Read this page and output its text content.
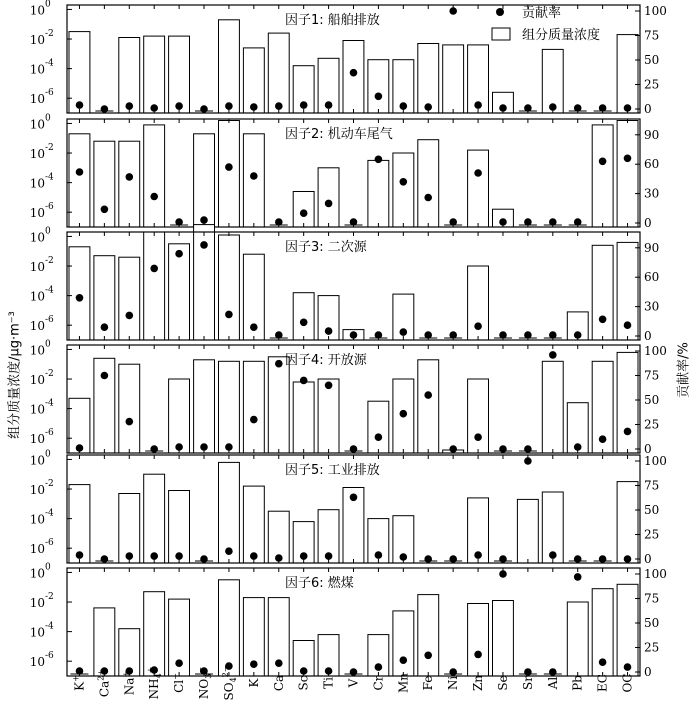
10 0
10 -2
10 -4
10 -6
0
25
50
75
100
因子1: 船舶排放	贡献率
组分质量浓度
10 0
10 -2
10 -4
10 -6
0
30
60
90
因子2: 机动车尾气
10 0
10 -2
10 -4
10 -6
0
30
60
90
因子3: 二次源
10 0
10 -2
10 -4
10 -6
0
25
50
75
100
因子4: 开放源
10 0
10 -2
10 -4
10 -6
0
25
50
75
100
因子5: 工业排放
10 0
10 -2
10 -4
10 -6
0
25
50
75
100
因子6: 燃煤
K+
$Ca^{2+}$
Na+
$NH_4^+$
Cl−
$NO_3^-$
$SO_4^{2-}$
K Ca Sc Ti V Cr Mn Fe Ni Zn Se Sr Al Pb EC OC
组分质量浓度/μg·m⁻³	贡献率/%
